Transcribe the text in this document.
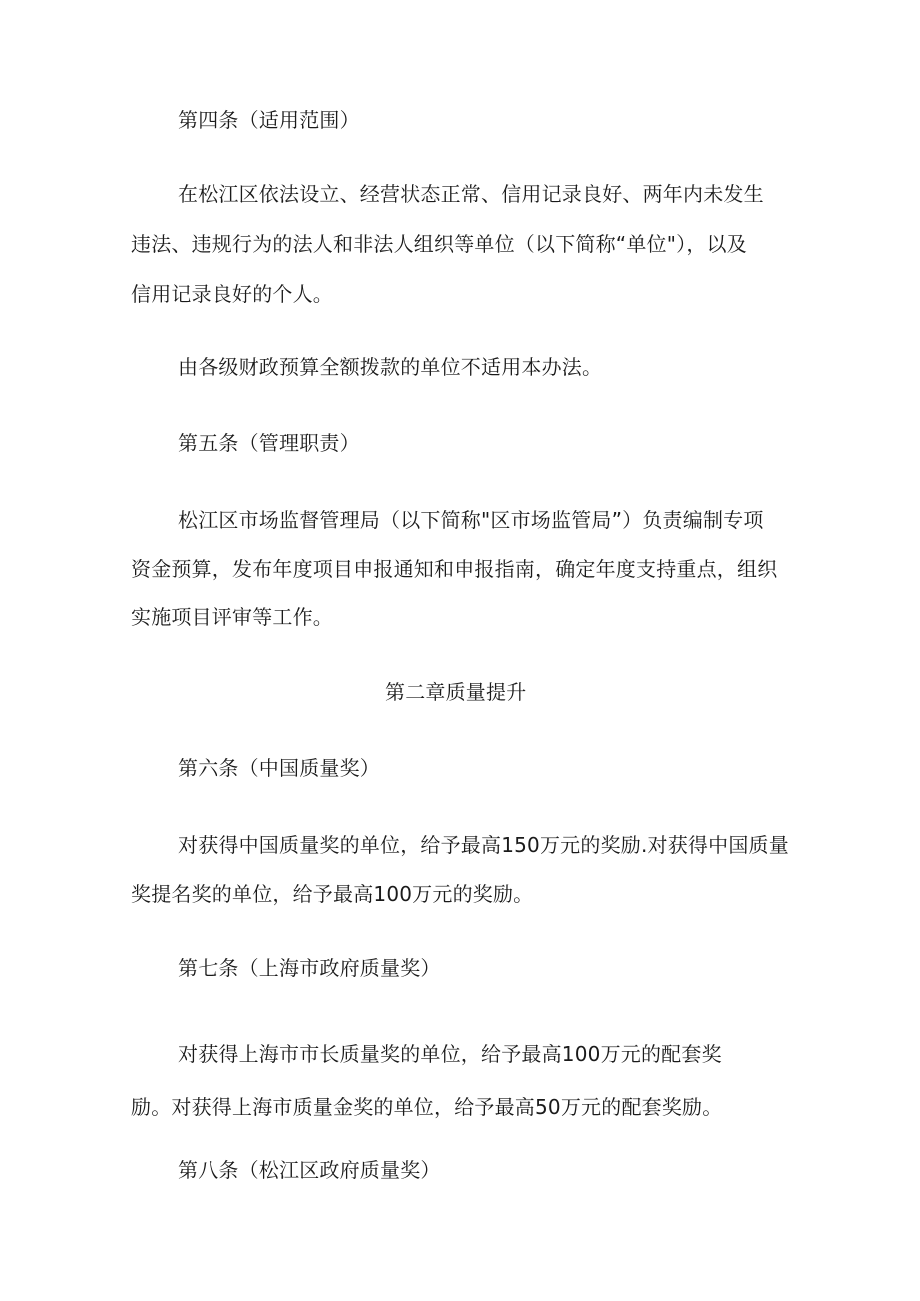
第四条（适用范围）
在松江区依法设立、经营状态正常、信用记录良好、两年内未发生
违法、违规行为的法人和非法人组织等单位（以下简称“单位"），以及
信用记录良好的个人。
由各级财政预算全额拨款的单位不适用本办法。
第五条（管理职责）
松江区市场监督管理局（以下简称"区市场监管局”）负责编制专项
资金预算，发布年度项目申报通知和申报指南，确定年度支持重点，组织
实施项目评审等工作。
第二章质量提升
第六条（中国质量奖）
对获得中国质量奖的单位，给予最高150万元的奖励.对获得中国质量
奖提名奖的单位，给予最高100万元的奖励。
第七条（上海市政府质量奖）
对获得上海市市长质量奖的单位，给予最高100万元的配套奖
励。对获得上海市质量金奖的单位，给予最高50万元的配套奖励。
第八条（松江区政府质量奖）
